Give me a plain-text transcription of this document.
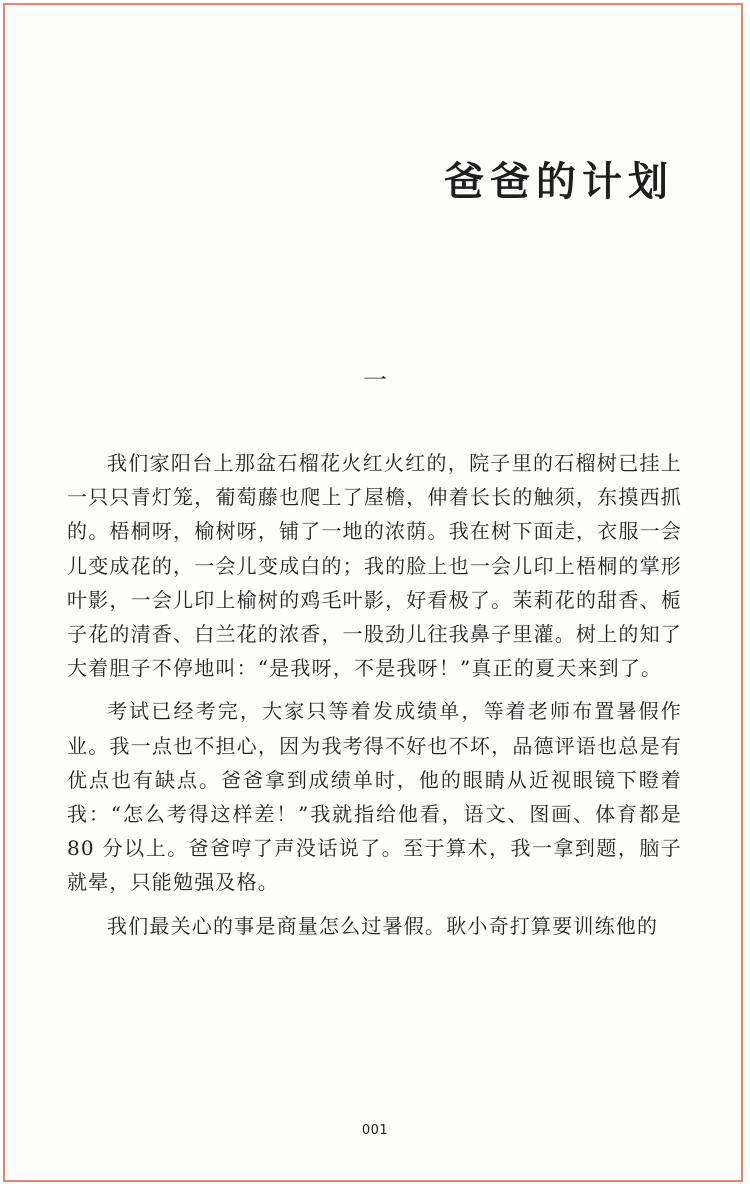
爸爸的计划
一

我们家阳台上那盆石榴花火红火红的，院子里的石榴树已挂上一只只青灯笼，葡萄藤也爬上了屋檐，伸着长长的触须，东摸西抓的。梧桐呀，榆树呀，铺了一地的浓荫。我在树下面走，衣服一会儿变成花的，一会儿变成白的；我的脸上也一会儿印上梧桐的掌形叶影，一会儿印上榆树的鸡毛叶影，好看极了。茉莉花的甜香、栀子花的清香、白兰花的浓香，一股劲儿往我鼻子里灌。树上的知了大着胆子不停地叫：“是我呀，不是我呀！”真正的夏天来到了。

考试已经考完，大家只等着发成绩单，等着老师布置暑假作业。我一点也不担心，因为我考得不好也不坏，品德评语也总是有优点也有缺点。爸爸拿到成绩单时，他的眼睛从近视眼镜下瞪着我：“怎么考得这样差！”我就指给他看，语文、图画、体育都是 80 分以上。爸爸哼了声没话说了。至于算术，我一拿到题，脑子就晕，只能勉强及格。

我们最关心的事是商量怎么过暑假。耿小奇打算要训练他的

001
